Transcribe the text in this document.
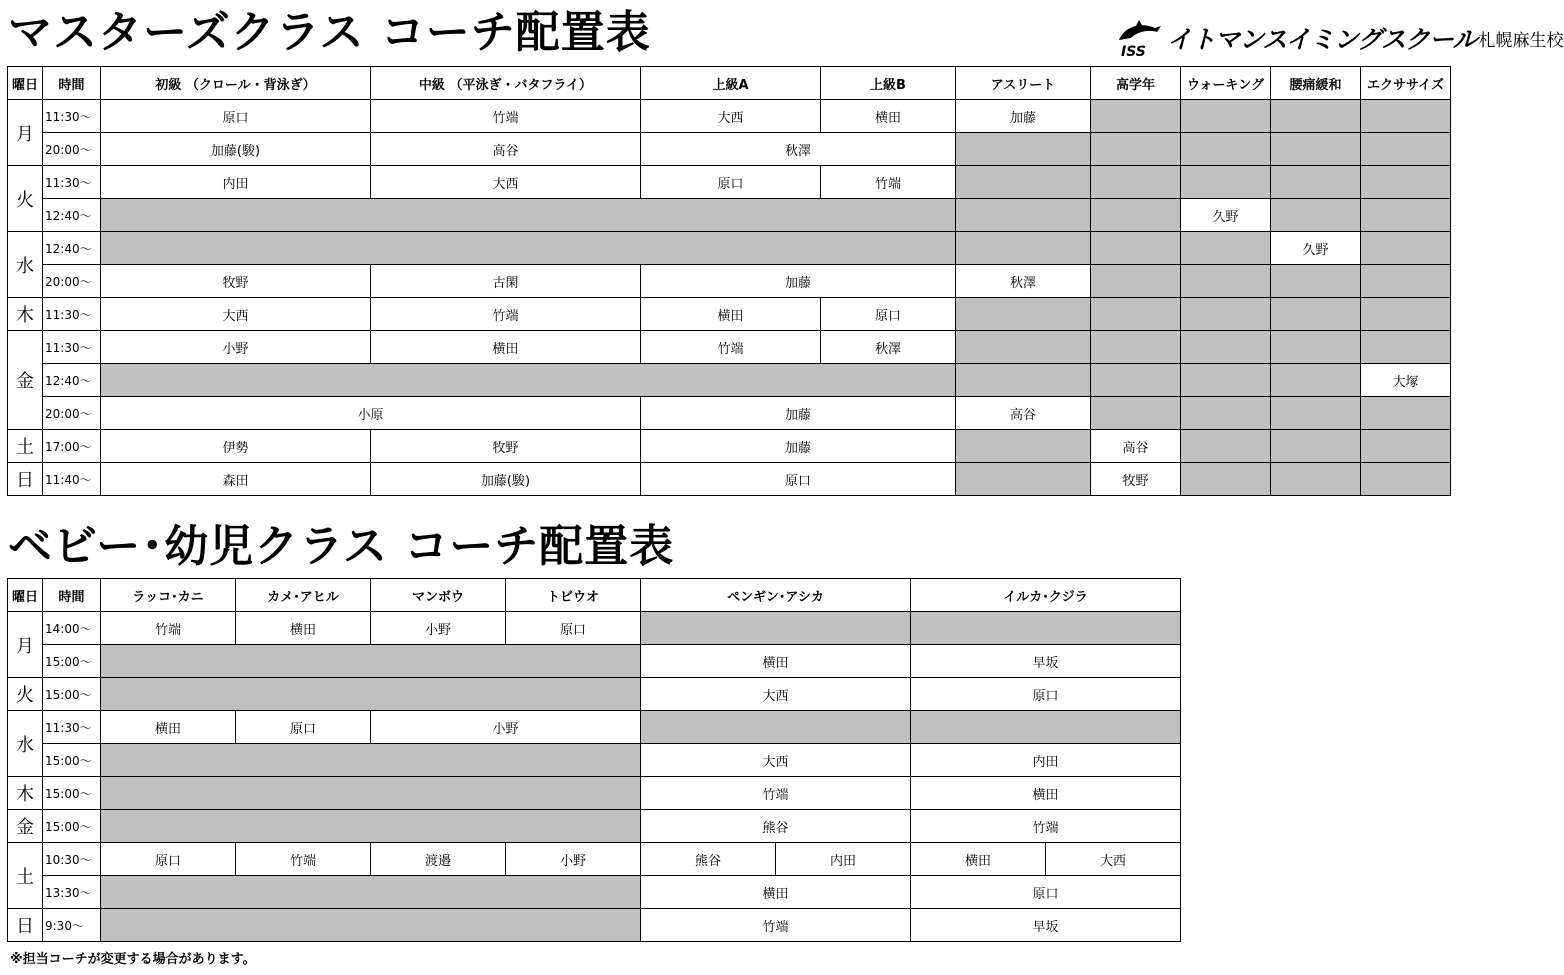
マスターズクラス コーチ配置表	ISS イトマンスイミングスクール 札幌麻生校
曜日	時間	初級 （クロール・背泳ぎ）	中級 （平泳ぎ・バタフライ）	上級A	上級B	アスリート	高学年	ウォーキング	腰痛緩和	エクササイズ
月	11:30～	原口	竹端	大西	横田	加藤				
	20:00～	加藤(駿)	高谷	秋澤						
火	11:30～	内田	大西	原口	竹端					
	12:40～							久野		
水	12:40～								久野	
	20:00～	牧野	古閑	加藤		秋澤				
木	11:30～	大西	竹端	横田	原口					
金	11:30～	小野	横田	竹端	秋澤					
	12:40～									大塚
	20:00～	小原		加藤		高谷				
土	17:00～	伊勢	牧野	加藤			高谷			
日	11:40～	森田	加藤(駿)	原口			牧野			
ベビー･幼児クラス コーチ配置表
曜日	時間	ラッコ･カニ	カメ･アヒル	マンボウ	トビウオ	ペンギン･アシカ		イルカ･クジラ	
月	14:00～	竹端	横田	小野	原口				
	15:00～					横田		早坂	
火	15:00～					大西		原口	
水	11:30～	横田	原口	小野					
	15:00～					大西		内田	
木	15:00～					竹端		横田	
金	15:00～					熊谷		竹端	
土	10:30～	原口	竹端	渡邉	小野	熊谷	内田	横田	大西
	13:30～					横田		原口	
日	9:30～					竹端		早坂	
※担当コーチが変更する場合があります。
